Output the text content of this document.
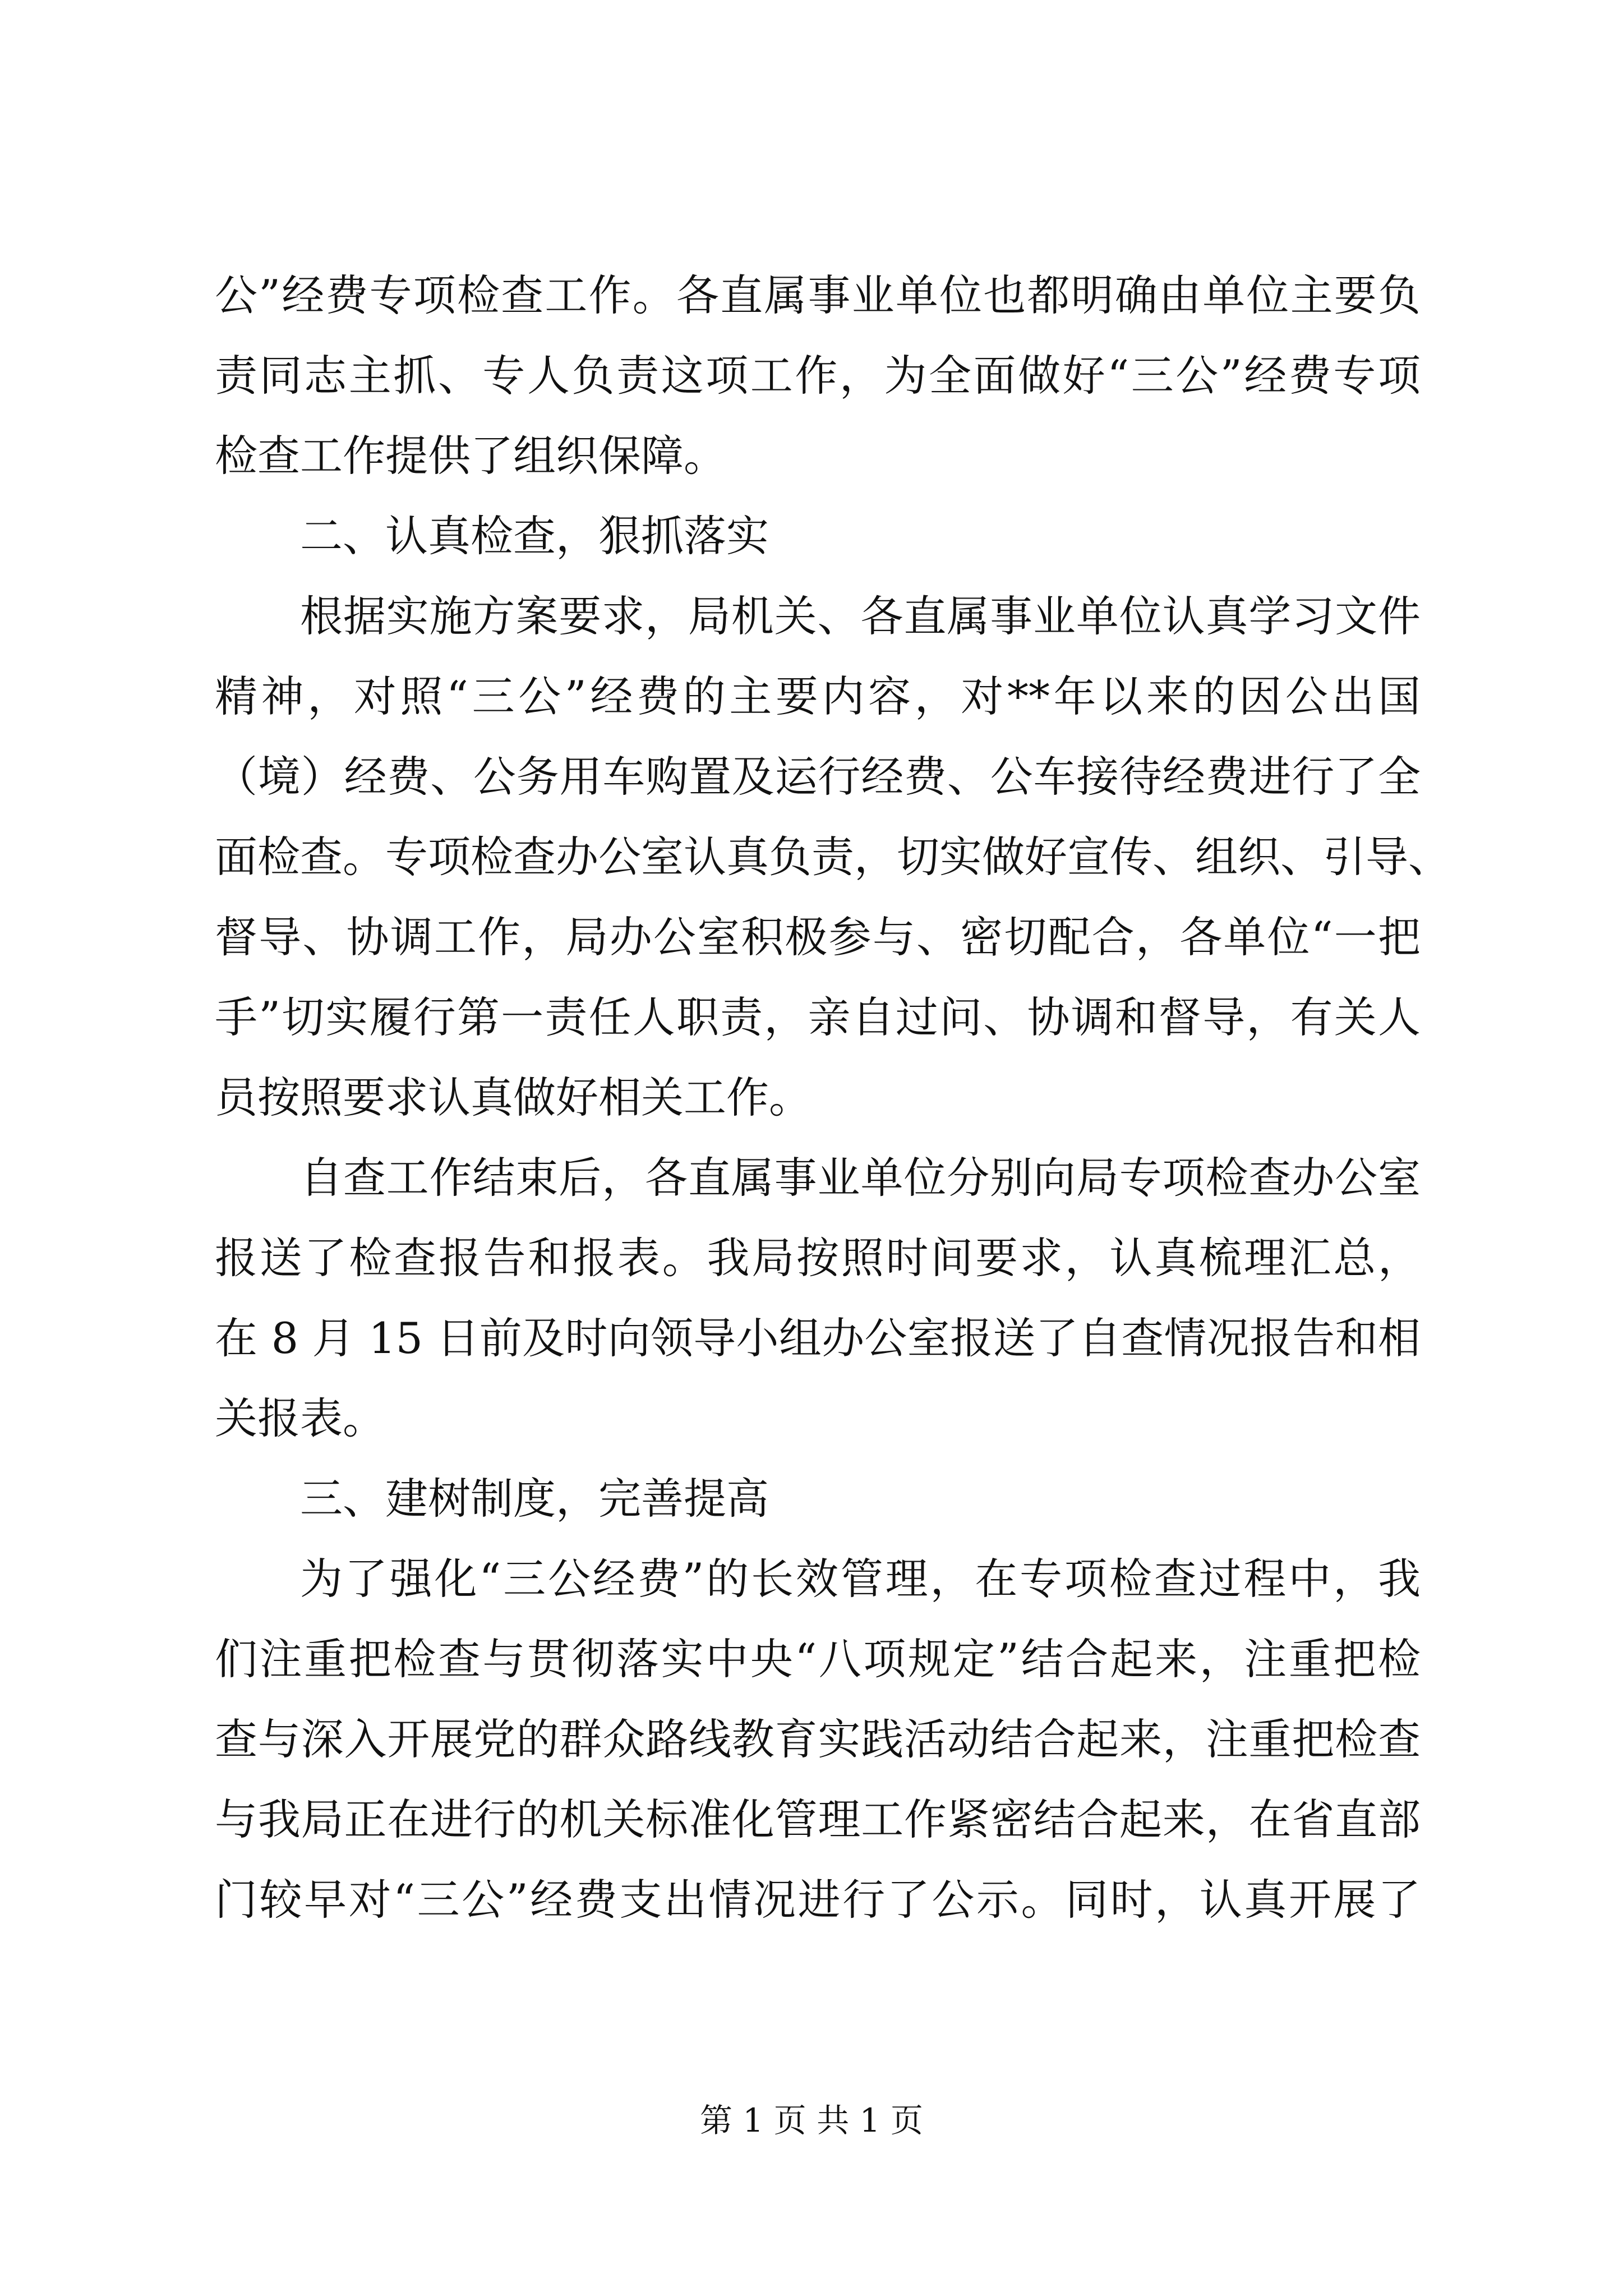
公”经费专项检查工作。各直属事业单位也都明确由单位主要负
责同志主抓、专人负责这项工作，为全面做好“三公”经费专项
检查工作提供了组织保障。
二、认真检查，狠抓落实
根据实施方案要求，局机关、各直属事业单位认真学习文件
精神，对照“三公”经费的主要内容，对**年以来的因公出国
（境）经费、公务用车购置及运行经费、公车接待经费进行了全
面检查。专项检查办公室认真负责，切实做好宣传、组织、引导、
督导、协调工作，局办公室积极参与、密切配合，各单位“一把
手”切实履行第一责任人职责，亲自过问、协调和督导，有关人
员按照要求认真做好相关工作。
自查工作结束后，各直属事业单位分别向局专项检查办公室
报送了检查报告和报表。我局按照时间要求，认真梳理汇总，
在 8 月 15 日前及时向领导小组办公室报送了自查情况报告和相
关报表。
三、建树制度，完善提高
为了强化“三公经费”的长效管理，在专项检查过程中，我
们注重把检查与贯彻落实中央“八项规定”结合起来，注重把检
查与深入开展党的群众路线教育实践活动结合起来，注重把检查
与我局正在进行的机关标准化管理工作紧密结合起来，在省直部
门较早对“三公”经费支出情况进行了公示。同时，认真开展了
第 1 页 共 1 页
